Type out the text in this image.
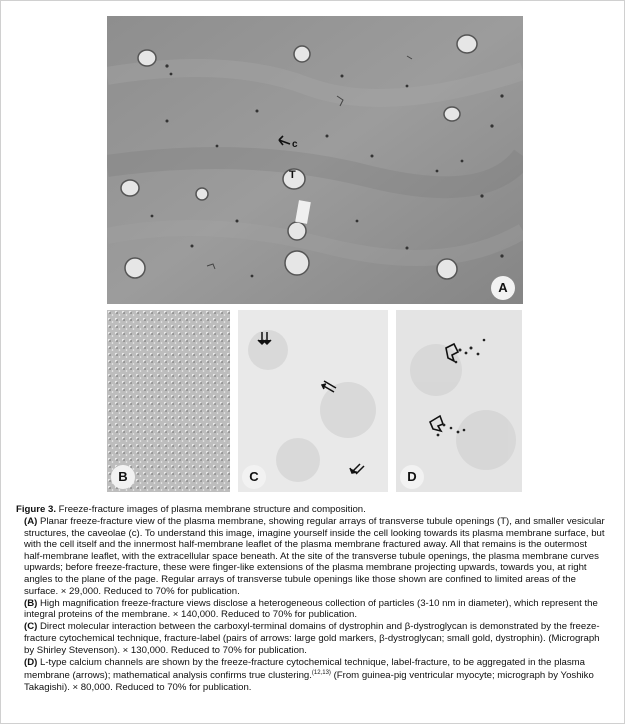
c
T
A
B	C	D

Figure 3. Freeze-fracture images of plasma membrane structure and composition.

(A) Planar freeze-fracture view of the plasma membrane, showing regular arrays of transverse tubule openings (T), and smaller vesicular structures, the caveolae (c). To understand this image, imagine yourself inside the cell looking towards its plasma membrane surface, but with the cell itself and the innermost half-membrane leaflet of the plasma membrane fractured away. All that remains is the outermost half-membrane leaflet, with the extracellular space beneath. At the site of the transverse tubule openings, the plasma membrane curves upwards; before freeze-fracture, these were finger-like extensions of the plasma membrane projecting upwards, towards you, at right angles to the plane of the page. Regular arrays of transverse tubule openings like those shown are confined to limited areas of the surface. × 29,000. Reduced to 70% for publication.

(B) High magnification freeze-fracture views disclose a heterogeneous collection of particles (3-10 nm in diameter), which represent the integral proteins of the membrane. × 140,000. Reduced to 70% for publication.

(C) Direct molecular interaction between the carboxyl-terminal domains of dystrophin and β-dystroglycan is demonstrated by the freeze-fracture cytochemical technique, fracture-label (pairs of arrows: large gold markers, β-dystroglycan; small gold, dystrophin). (Micrograph by Shirley Stevenson). × 130,000. Reduced to 70% for publication.

(D) L-type calcium channels are shown by the freeze-fracture cytochemical technique, label-fracture, to be aggregated in the plasma membrane (arrows); mathematical analysis confirms true clustering.$^{(12,13)}$ (From guinea-pig ventricular myocyte; micrograph by Yoshiko Takagishi). × 80,000. Reduced to 70% for publication.
